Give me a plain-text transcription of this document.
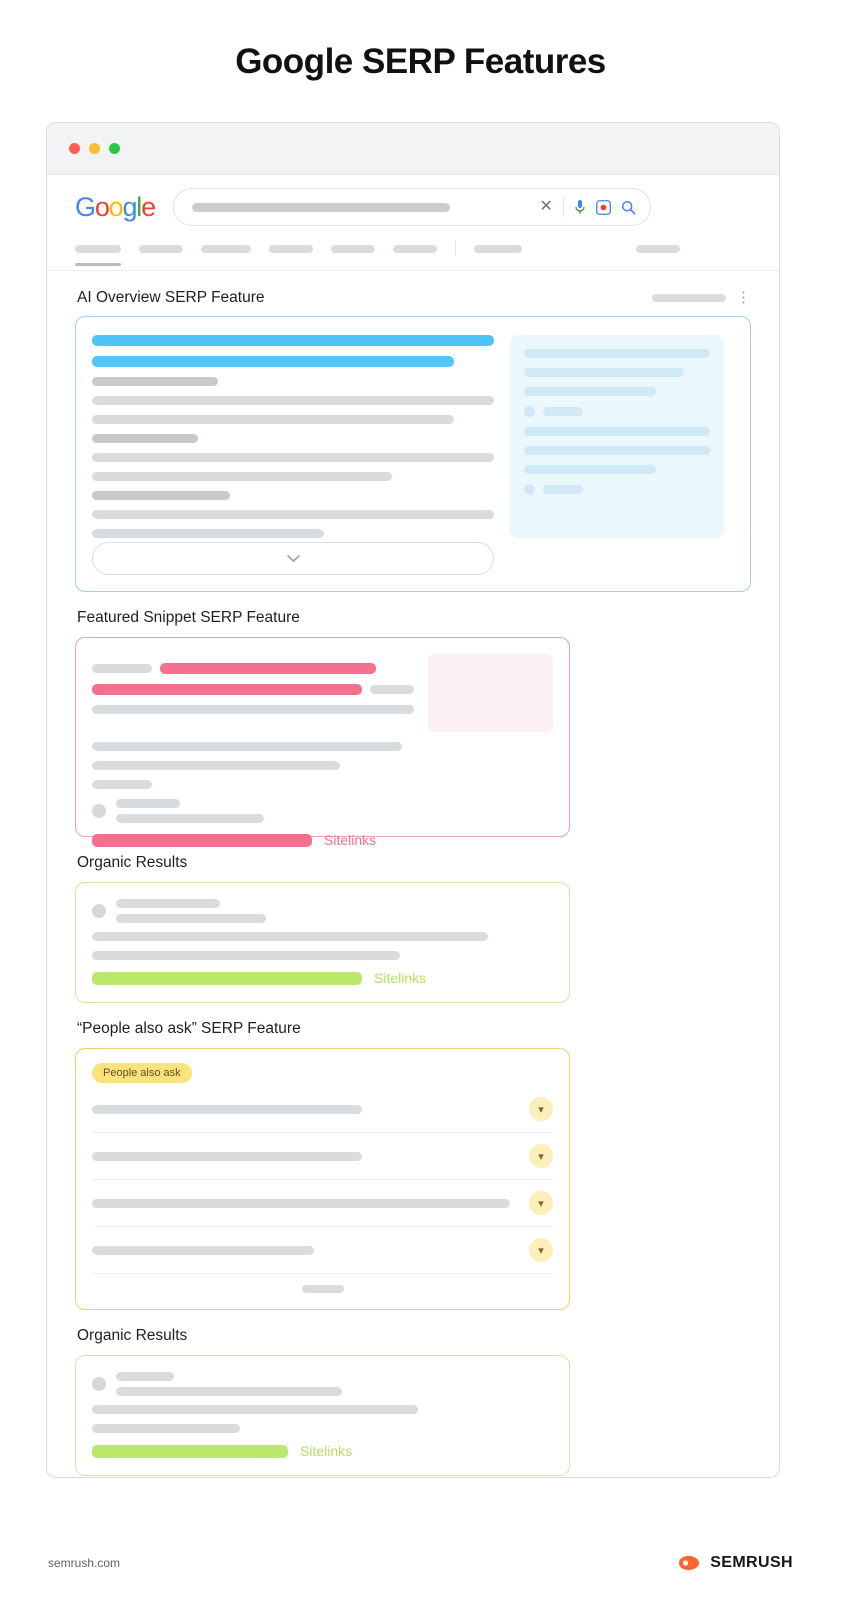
Google SERP Features
Google	✕
AI Overview SERP Feature	⋮
Featured Snippet SERP Feature
Sitelinks
Organic Results
Sitelinks
“People also ask” SERP Feature
People also ask
▾
▾
▾
▾
Organic Results
Sitelinks
semrush.com	SEMRUSH
